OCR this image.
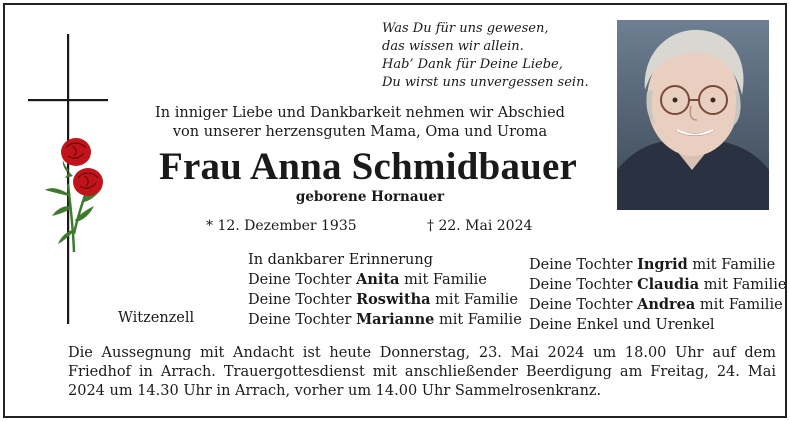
Was Du für uns gewesen,
das wissen wir allein.
Hab’ Dank für Deine Liebe,
Du wirst uns unvergessen sein.
In inniger Liebe und Dankbarkeit nehmen wir Abschied
von unserer herzensguten Mama, Oma und Uroma
Frau Anna Schmidbauer
geborene Hornauer
* 12. Dezember 1935	† 22. Mai 2024
In dankbarer Erinnerung
Deine Tochter Anita mit Familie
Deine Tochter Roswitha mit Familie
Deine Tochter Marianne mit Familie
Witzenzell
Deine Tochter Ingrid mit Familie
Deine Tochter Claudia mit Familie
Deine Tochter Andrea mit Familie
Deine Enkel und Urenkel
Die Aussegnung mit Andacht ist heute Donnerstag, 23. Mai 2024 um 18.00 Uhr auf dem Friedhof in Arrach. Trauergottesdienst mit anschließender Beerdigung am Freitag, 24. Mai 2024 um 14.30 Uhr in Arrach, vorher um 14.00 Uhr Sammelrosenkranz.
